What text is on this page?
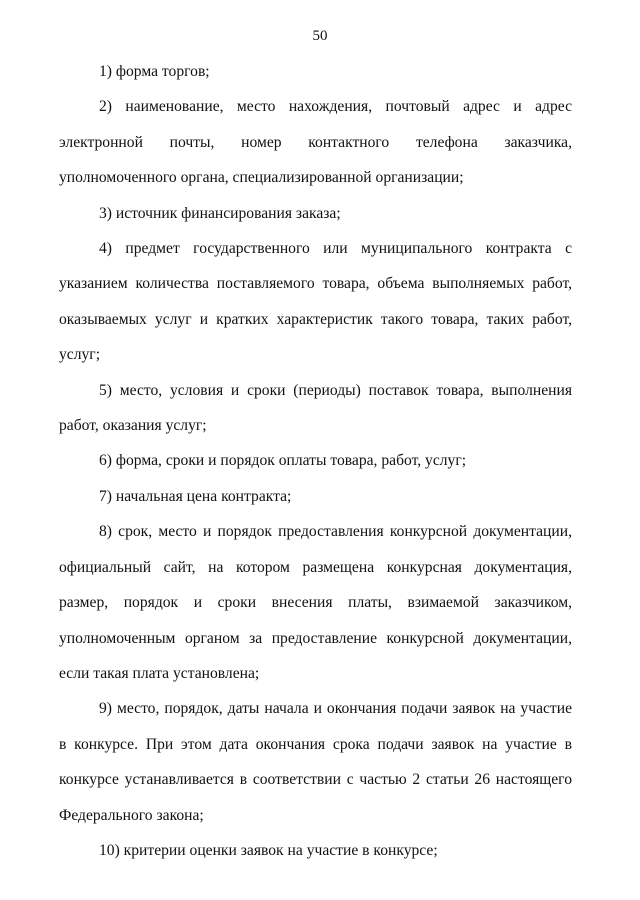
50

1) форма торгов;

2) наименование, место нахождения, почтовый адрес и адрес электронной почты, номер контактного телефона заказчика, уполномоченного органа, специализированной организации;

3) источник финансирования заказа;

4) предмет государственного или муниципального контракта с указанием количества поставляемого товара, объема выполняемых работ, оказываемых услуг и кратких характеристик такого товара, таких работ, услуг;

5) место, условия и сроки (периоды) поставок товара, выполнения работ, оказания услуг;

6) форма, сроки и порядок оплаты товара, работ, услуг;

7) начальная цена контракта;

8) срок, место и порядок предоставления конкурсной документации, официальный сайт, на котором размещена конкурсная документация, размер, порядок и сроки внесения платы, взимаемой заказчиком, уполномоченным органом за предоставление конкурсной документации, если такая плата установлена;

9) место, порядок, даты начала и окончания подачи заявок на участие в конкурсе. При этом дата окончания срока подачи заявок на участие в конкурсе устанавливается в соответствии с частью 2 статьи 26 настоящего Федерального закона;

10) критерии оценки заявок на участие в конкурсе;
